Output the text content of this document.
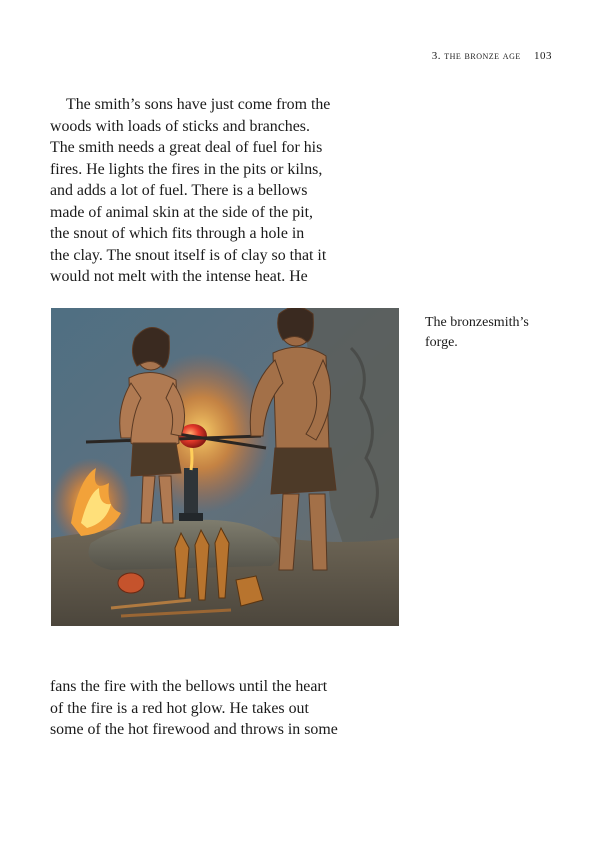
3. the bronze age 103

The smith’s sons have just come from the
woods with loads of sticks and branches.
The smith needs a great deal of fuel for his
fires. He lights the fires in the pits or kilns,
and adds a lot of fuel. There is a bellows
made of animal skin at the side of the pit,
the snout of which fits through a hole in
the clay. The snout itself is of clay so that it
would not melt with the intense heat. He

The bronzesmith’s
forge.

fans the fire with the bellows until the heart
of the fire is a red hot glow. He takes out
some of the hot firewood and throws in some
